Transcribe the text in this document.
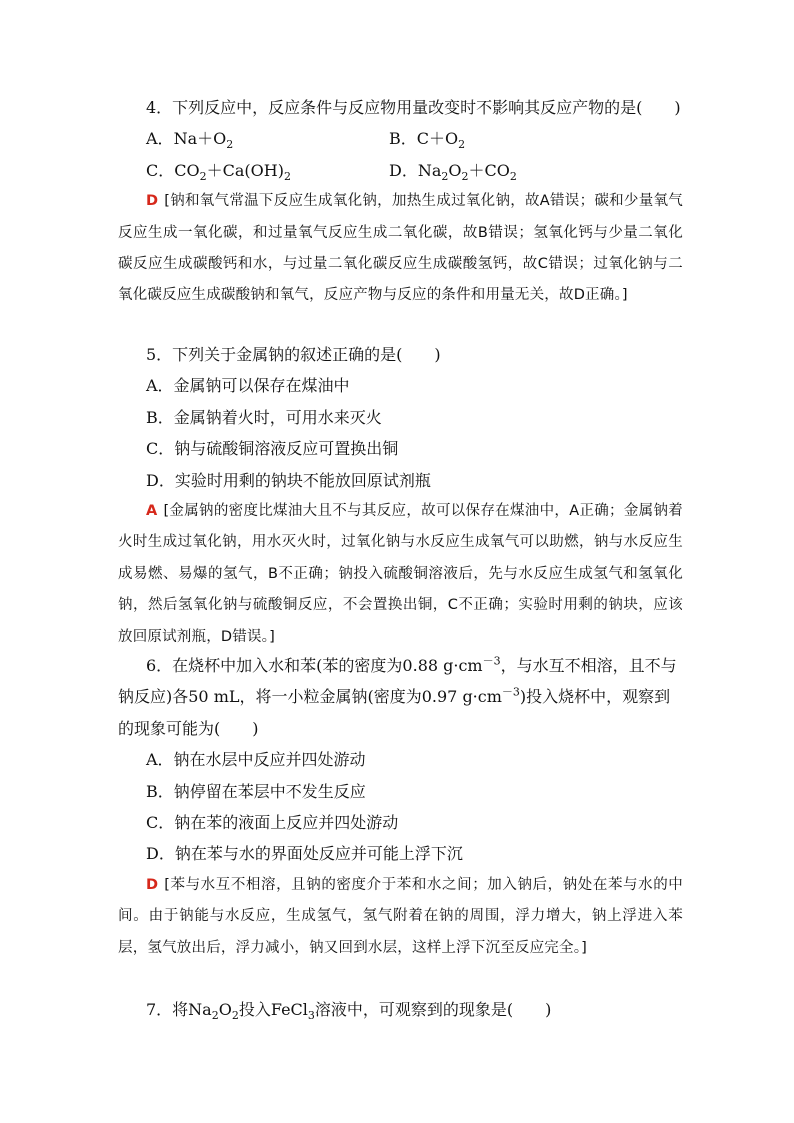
4．下列反应中，反应条件与反应物用量改变时不影响其反应产物的是(　　)
A．$Na+O_2$	B．$C+O_2$
C．$CO_2+Ca(OH)_2$	D．$Na_2O_2+CO_2$
D [钠和氧气常温下反应生成氧化钠，加热生成过氧化钠，故A错误；碳和少量氧气反应生成一氧化碳，和过量氧气反应生成二氧化碳，故B错误；氢氧化钙与少量二氧化碳反应生成碳酸钙和水，与过量二氧化碳反应生成碳酸氢钙，故C错误；过氧化钠与二氧化碳反应生成碳酸钠和氧气，反应产物与反应的条件和用量无关，故D正确。]
5．下列关于金属钠的叙述正确的是(　　)
A．金属钠可以保存在煤油中
B．金属钠着火时，可用水来灭火
C．钠与硫酸铜溶液反应可置换出铜
D．实验时用剩的钠块不能放回原试剂瓶
A [金属钠的密度比煤油大且不与其反应，故可以保存在煤油中，A正确；金属钠着火时生成过氧化钠，用水灭火时，过氧化钠与水反应生成氧气可以助燃，钠与水反应生成易燃、易爆的氢气，B不正确；钠投入硫酸铜溶液后，先与水反应生成氢气和氢氧化钠，然后氢氧化钠与硫酸铜反应，不会置换出铜，C不正确；实验时用剩的钠块，应该放回原试剂瓶，D错误。]
6．在烧杯中加入水和苯(苯的密度为0.88 $g\cdot cm^{-3}$，与水互不相溶，且不与钠反应)各50 mL，将一小粒金属钠(密度为0.97 $g\cdot cm^{-3}$)投入烧杯中，观察到的现象可能为(　　)
A．钠在水层中反应并四处游动
B．钠停留在苯层中不发生反应
C．钠在苯的液面上反应并四处游动
D．钠在苯与水的界面处反应并可能上浮下沉
D [苯与水互不相溶，且钠的密度介于苯和水之间；加入钠后，钠处在苯与水的中间。由于钠能与水反应，生成氢气，氢气附着在钠的周围，浮力增大，钠上浮进入苯层，氢气放出后，浮力减小，钠又回到水层，这样上浮下沉至反应完全。]
7．将$Na_2O_2$投入FeCl$_3$溶液中，可观察到的现象是(　　)
